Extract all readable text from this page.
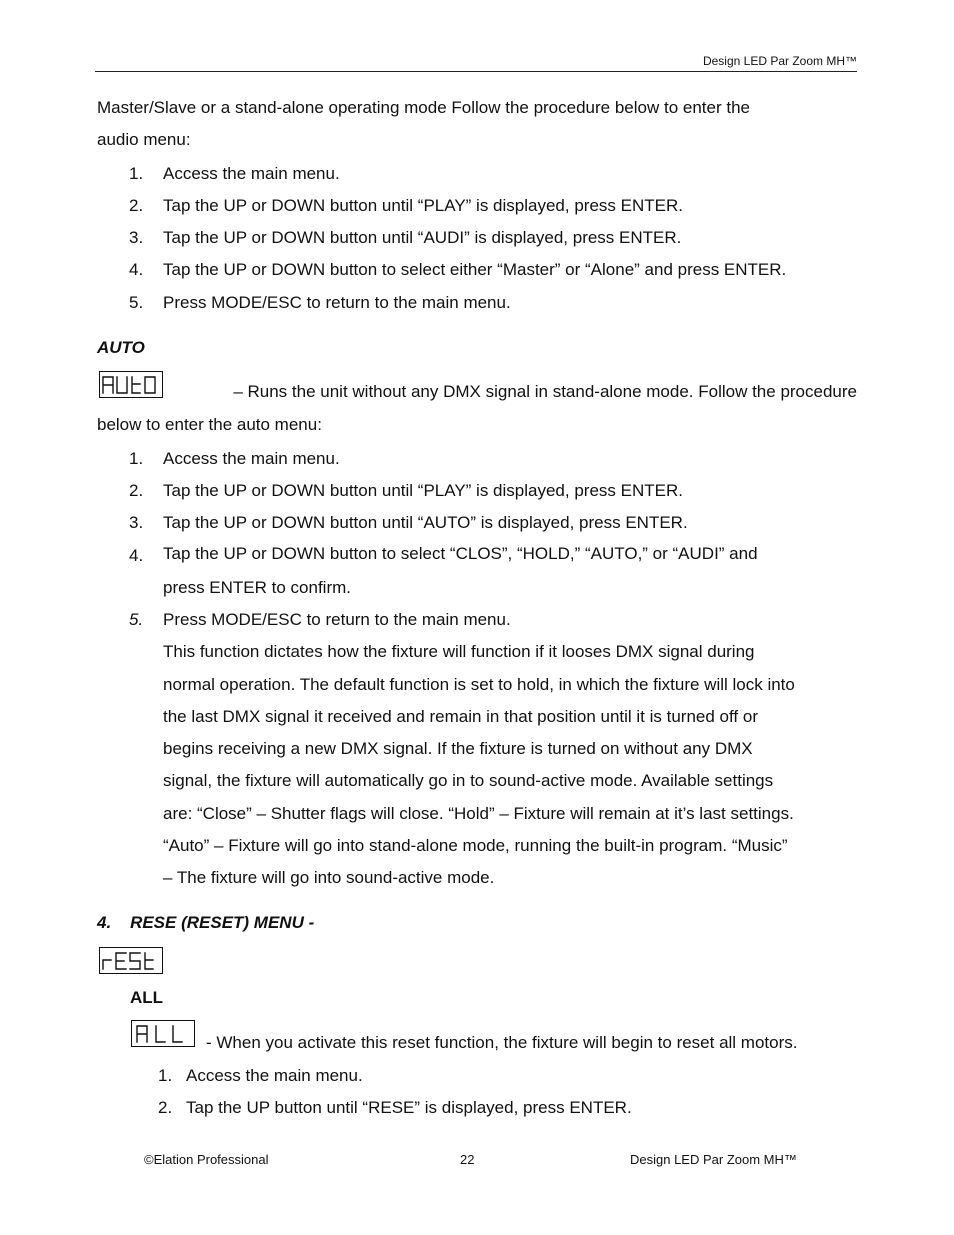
Design LED Par Zoom MH™
Master/Slave or a stand-alone operating mode Follow the procedure below to enter the
audio menu:
1. Access the main menu.
2. Tap the UP or DOWN button until “PLAY” is displayed, press ENTER.
3. Tap the UP or DOWN button until “AUDI” is displayed, press ENTER.
4. Tap the UP or DOWN button to select either “Master” or “Alone” and press ENTER.
5. Press MODE/ESC to return to the main menu.
AUTO
– Runs the unit without any DMX signal in stand-alone mode. Follow the procedure
below to enter the auto menu:
1. Access the main menu.
2. Tap the UP or DOWN button until “PLAY” is displayed, press ENTER.
3. Tap the UP or DOWN button until “AUTO” is displayed, press ENTER.
4. Tap the UP or DOWN button to select “CLOS”, “HOLD,” “AUTO,” or “AUDI” and
press ENTER to confirm.
5. Press MODE/ESC to return to the main menu.
This function dictates how the fixture will function if it looses DMX signal during
normal operation. The default function is set to hold, in which the fixture will lock into
the last DMX signal it received and remain in that position until it is turned off or
begins receiving a new DMX signal. If the fixture is turned on without any DMX
signal, the fixture will automatically go in to sound-active mode. Available settings
are: “Close” – Shutter flags will close. “Hold” – Fixture will remain at it’s last settings.
“Auto” – Fixture will go into stand-alone mode, running the built-in program. “Music”
– The fixture will go into sound-active mode.
4.    RESE (RESET) MENU -
ALL
- When you activate this reset function, the fixture will begin to reset all motors.
1. Access the main menu.
2. Tap the UP button until “RESE” is displayed, press ENTER.
©Elation Professional	22	Design LED Par Zoom MH™
